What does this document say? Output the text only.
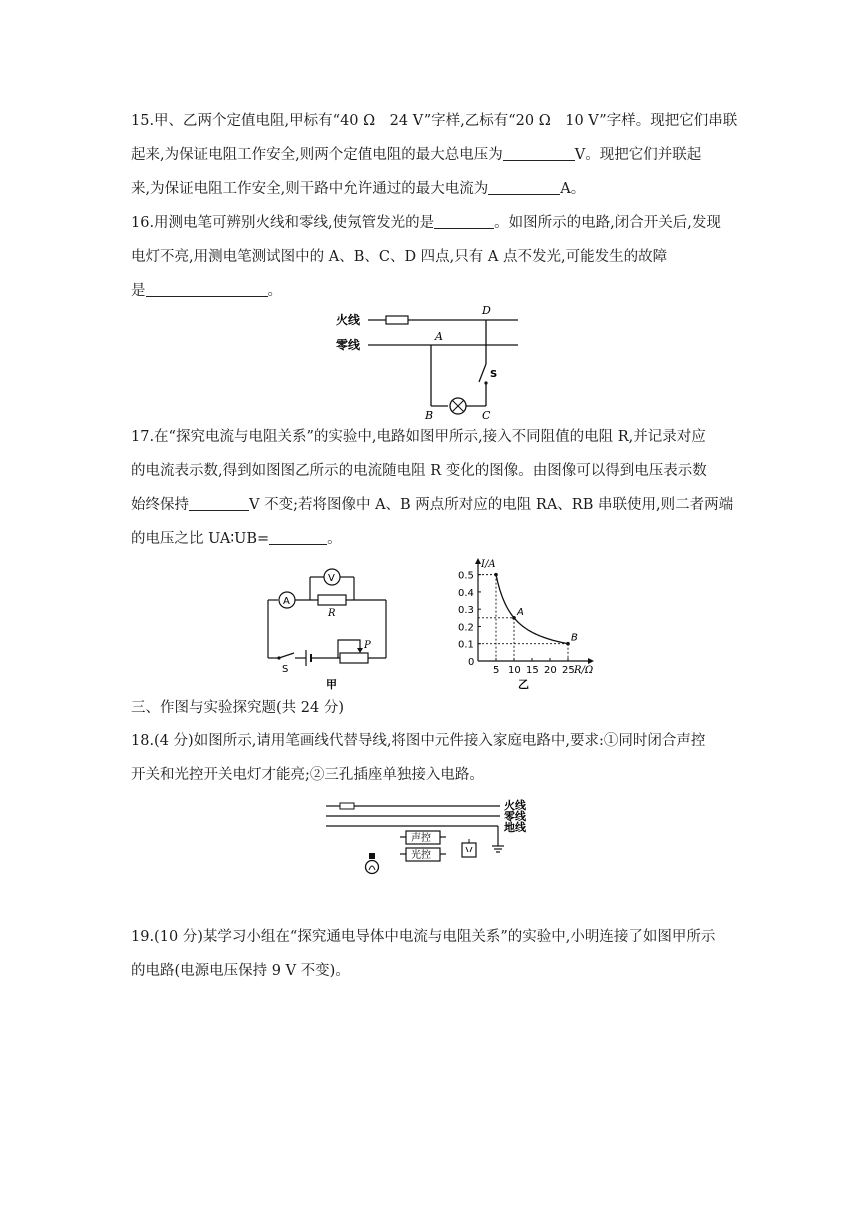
15.甲、乙两个定值电阻,甲标有“40 Ω　24 V”字样,乙标有“20 Ω　10 V”字样。现把它们串联

起来,为保证电阻工作安全,则两个定值电阻的最大总电压为	V。现把它们并联起

来,为保证电阻工作安全,则干路中允许通过的最大电流为	A。

16.用测电笔可辨别火线和零线,使氖管发光的是	。如图所示的电路,闭合开关后,发现

电灯不亮,用测电笔测试图中的 A、B、C、D 四点,只有 A 点不发光,可能发生的故障

是	。

火线
零线
A
B	C
D
S

17.在“探究电流与电阻关系”的实验中,电路如图甲所示,接入不同阻值的电阻 R,并记录对应

的电流表示数,得到如图图乙所示的电流随电阻 R 变化的图像。由图像可以得到电压表示数

始终保持	V 不变;若将图像中 A、B 两点所对应的电阻 RA、RB 串联使用,则二者两端

的电压之比 UA∶UB=	。

A
R
V
S
P
甲
5 10 15 20 25
0.1
0.2
0.3
0.4
0.5
A
B
I/A
R/Ω
0
乙

三、作图与实验探究题(共 24 分)

18.(4 分)如图所示,请用笔画线代替导线,将图中元件接入家庭电路中,要求:①同时闭合声控

开关和光控开关电灯才能亮;②三孔插座单独接入电路。

火线
零线
地线
声控
光控

19.(10 分)某学习小组在“探究通电导体中电流与电阻关系”的实验中,小明连接了如图甲所示

的电路(电源电压保持 9 V 不变)。
